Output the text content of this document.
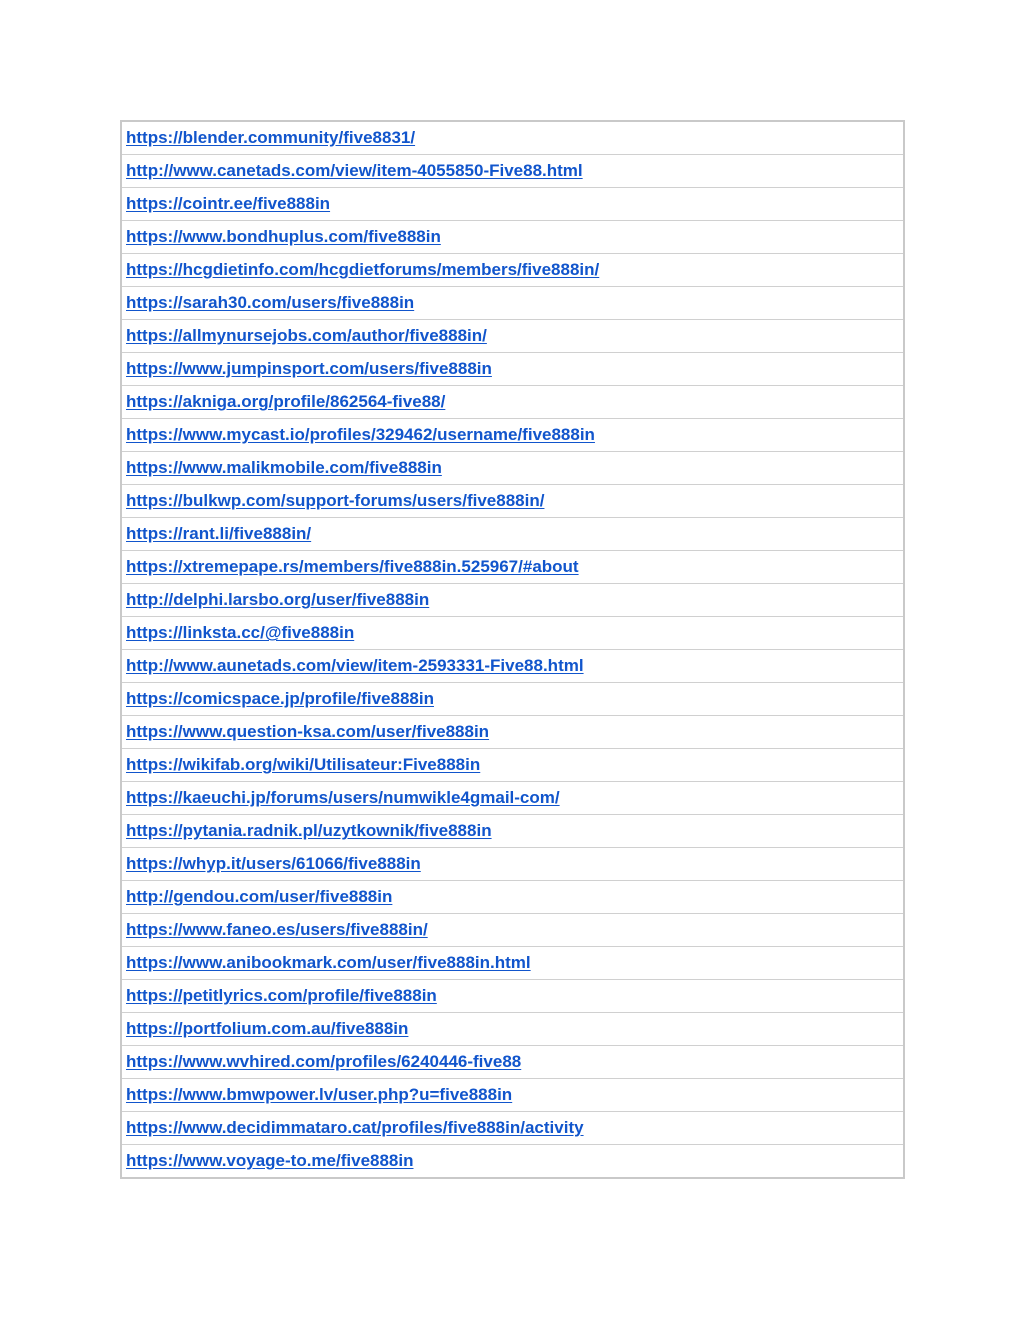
https://blender.community/five8831/
http://www.canetads.com/view/item-4055850-Five88.html
https://cointr.ee/five888in
https://www.bondhuplus.com/five888in
https://hcgdietinfo.com/hcgdietforums/members/five888in/
https://sarah30.com/users/five888in
https://allmynursejobs.com/author/five888in/
https://www.jumpinsport.com/users/five888in
https://akniga.org/profile/862564-five88/
https://www.mycast.io/profiles/329462/username/five888in
https://www.malikmobile.com/five888in
https://bulkwp.com/support-forums/users/five888in/
https://rant.li/five888in/
https://xtremepape.rs/members/five888in.525967/#about
http://delphi.larsbo.org/user/five888in
https://linksta.cc/@five888in
http://www.aunetads.com/view/item-2593331-Five88.html
https://comicspace.jp/profile/five888in
https://www.question-ksa.com/user/five888in
https://wikifab.org/wiki/Utilisateur:Five888in
https://kaeuchi.jp/forums/users/numwikle4gmail-com/
https://pytania.radnik.pl/uzytkownik/five888in
https://whyp.it/users/61066/five888in
http://gendou.com/user/five888in
https://www.faneo.es/users/five888in/
https://www.anibookmark.com/user/five888in.html
https://petitlyrics.com/profile/five888in
https://portfolium.com.au/five888in
https://www.wvhired.com/profiles/6240446-five88
https://www.bmwpower.lv/user.php?u=five888in
https://www.decidimmataro.cat/profiles/five888in/activity
https://www.voyage-to.me/five888in
